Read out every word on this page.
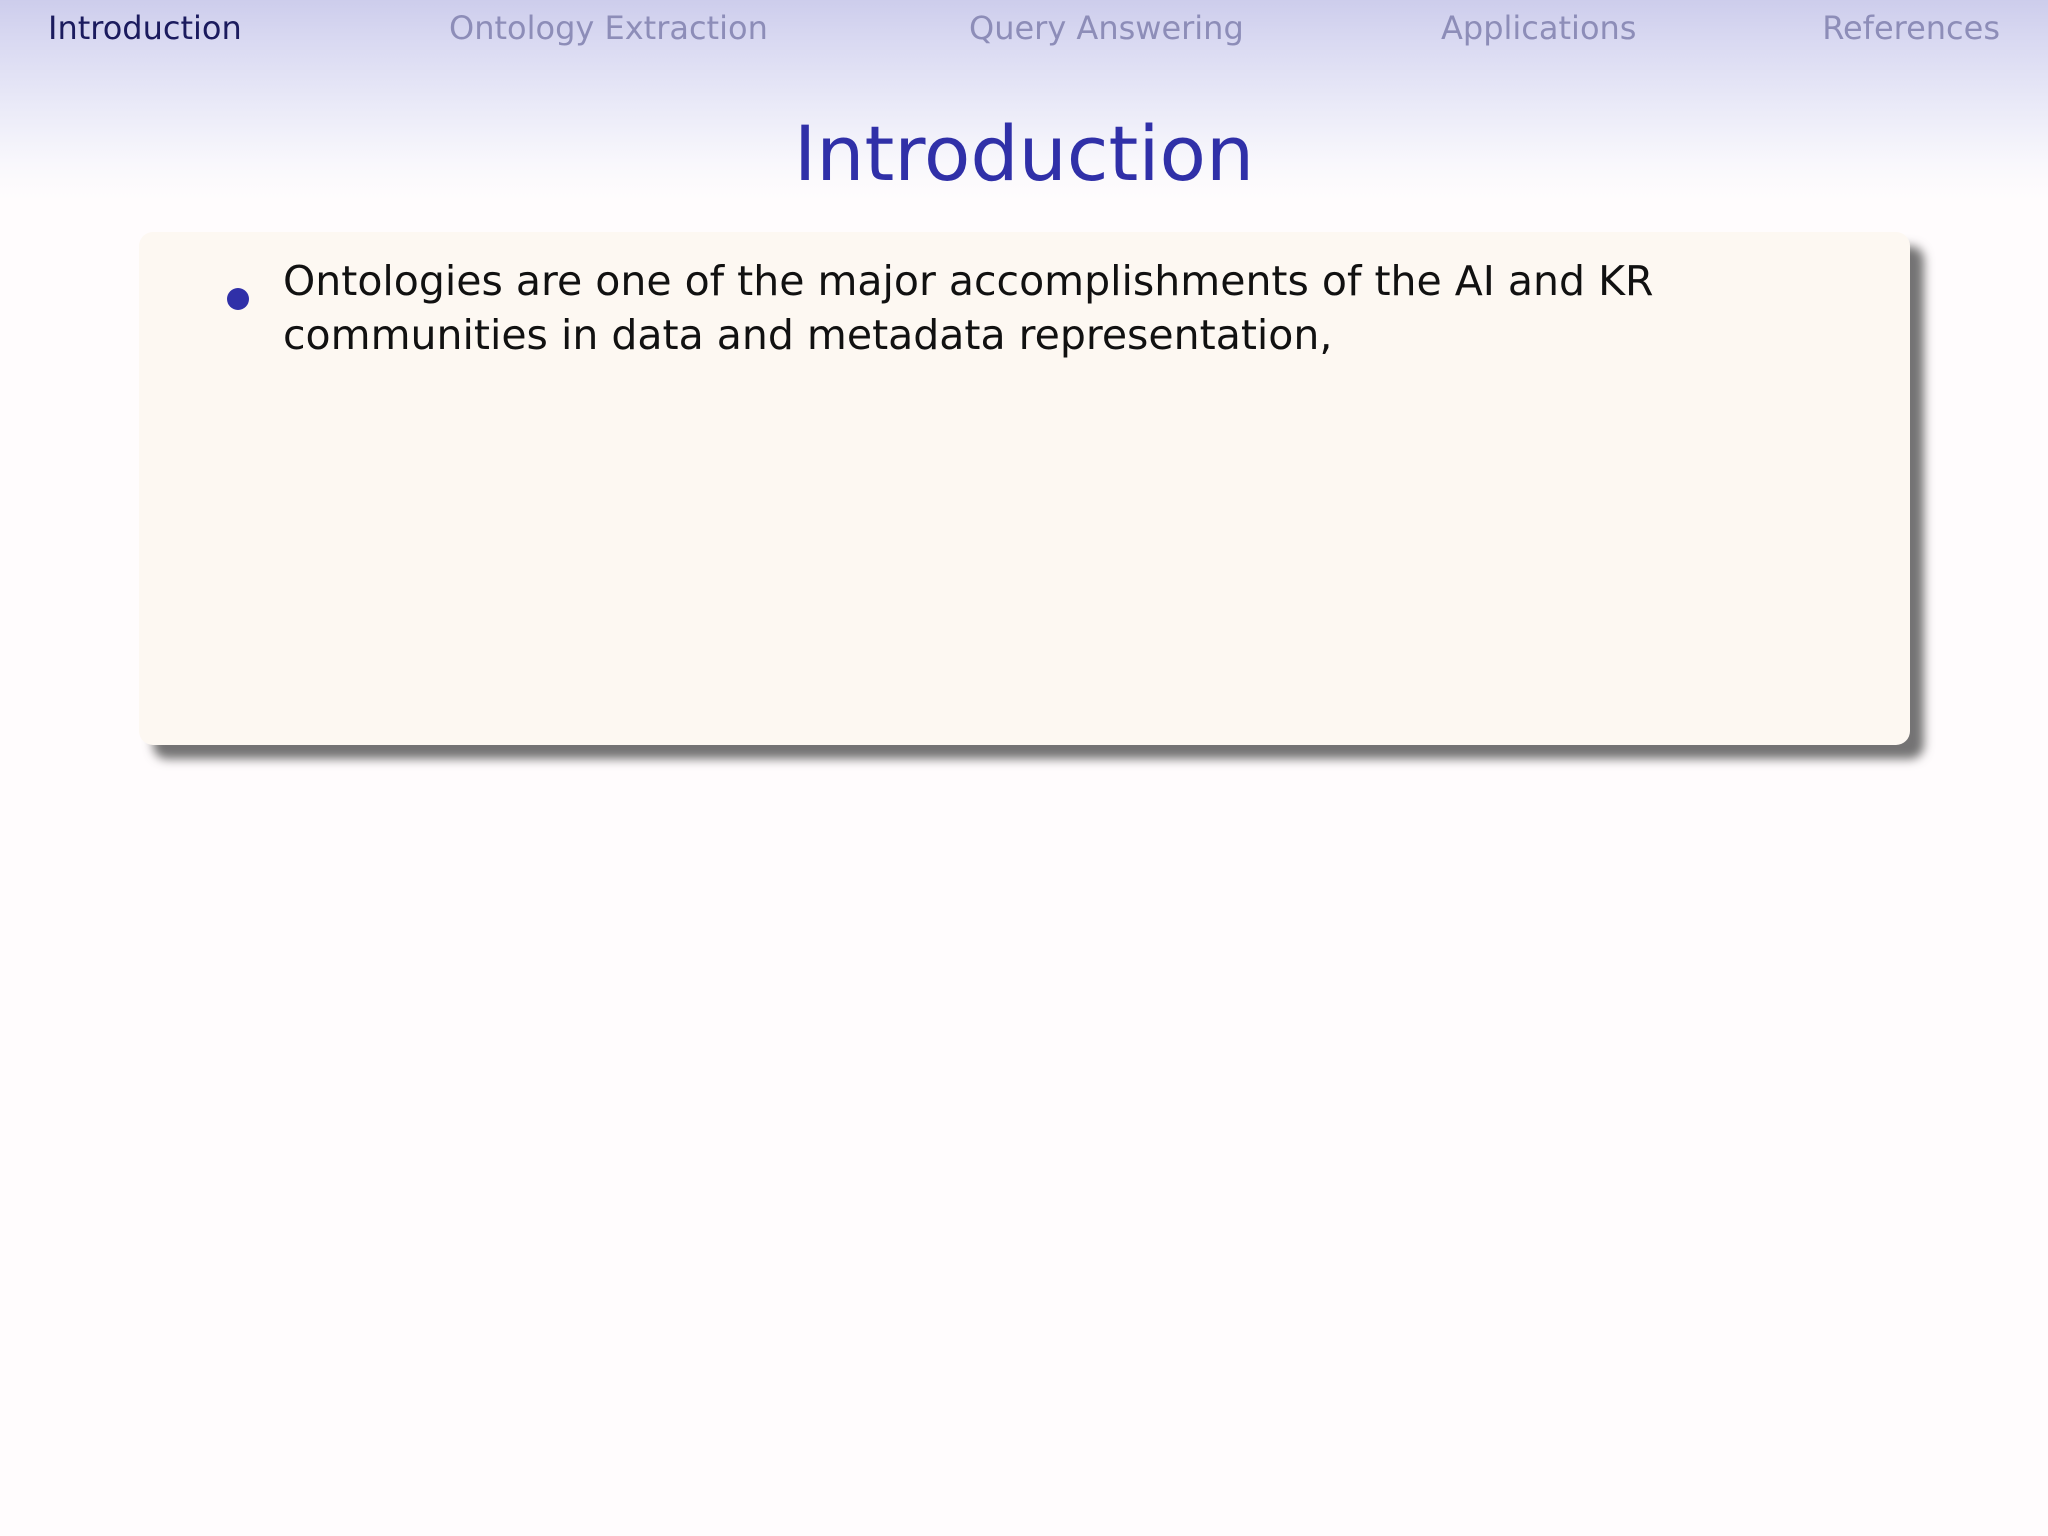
Introduction	Ontology Extraction	Query Answering	Applications	References
Introduction
Ontologies are one of the major accomplishments of the AI and KR communities in data and metadata representation,
